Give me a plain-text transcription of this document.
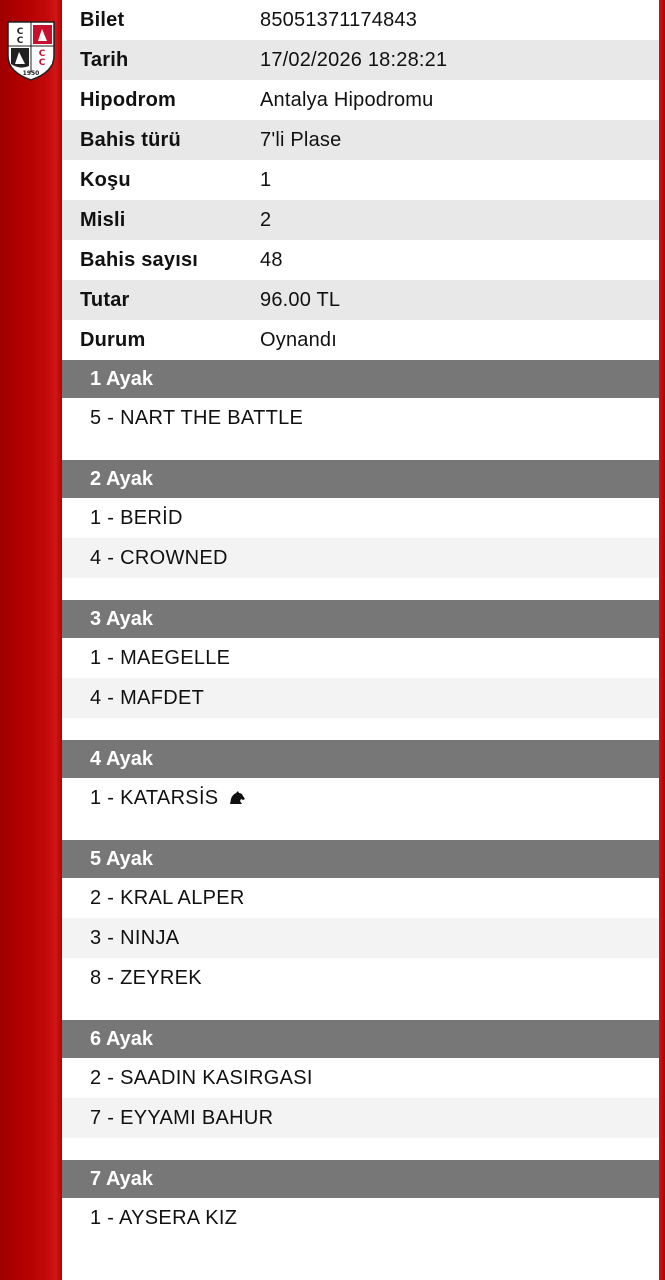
C
C
C
C
1950
Bilet	85051371174843
Tarih	17/02/2026 18:28:21
Hipodrom	Antalya Hipodromu
Bahis türü	7'li Plase
Koşu	1
Misli	2
Bahis sayısı	48
Tutar	96.00 TL
Durum	Oynandı
1 Ayak
5 - NART THE BATTLE
2 Ayak
1 - BERİD
4 - CROWNED
3 Ayak
1 - MAEGELLE
4 - MAFDET
4 Ayak
1 - KATARSİS
5 Ayak
2 - KRAL ALPER
3 - NINJA
8 - ZEYREK
6 Ayak
2 - SAADIN KASIRGASI
7 - EYYAMI BAHUR
7 Ayak
1 - AYSERA KIZ
